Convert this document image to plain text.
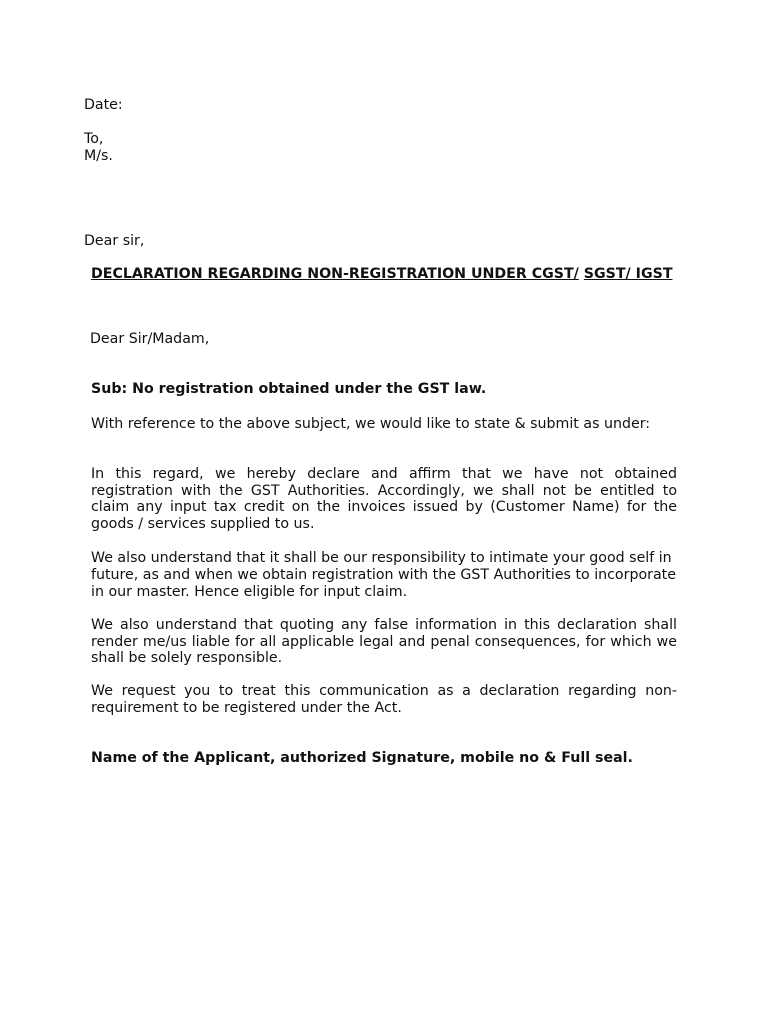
Date:
To,
M/s.
Dear sir,
DECLARATION REGARDING NON-REGISTRATION UNDER CGST/ SGST/ IGST
Dear Sir/Madam,
Sub: No registration obtained under the GST law.
With reference to the above subject, we would like to state & submit as under:
In this regard, we hereby declare and affirm that we have not obtained registration with the GST Authorities. Accordingly, we shall not be entitled to claim any input tax credit on the invoices issued by (Customer Name) for the goods / services supplied to us.
We also understand that it shall be our responsibility to intimate your good self in future, as and when we obtain registration with the GST Authorities to incorporate in our master. Hence eligible for input claim.
We also understand that quoting any false information in this declaration shall render me/us liable for all applicable legal and penal consequences, for which we shall be solely responsible.
We request you to treat this communication as a declaration regarding non- requirement to be registered under the Act.
Name of the Applicant, authorized Signature, mobile no & Full seal.
